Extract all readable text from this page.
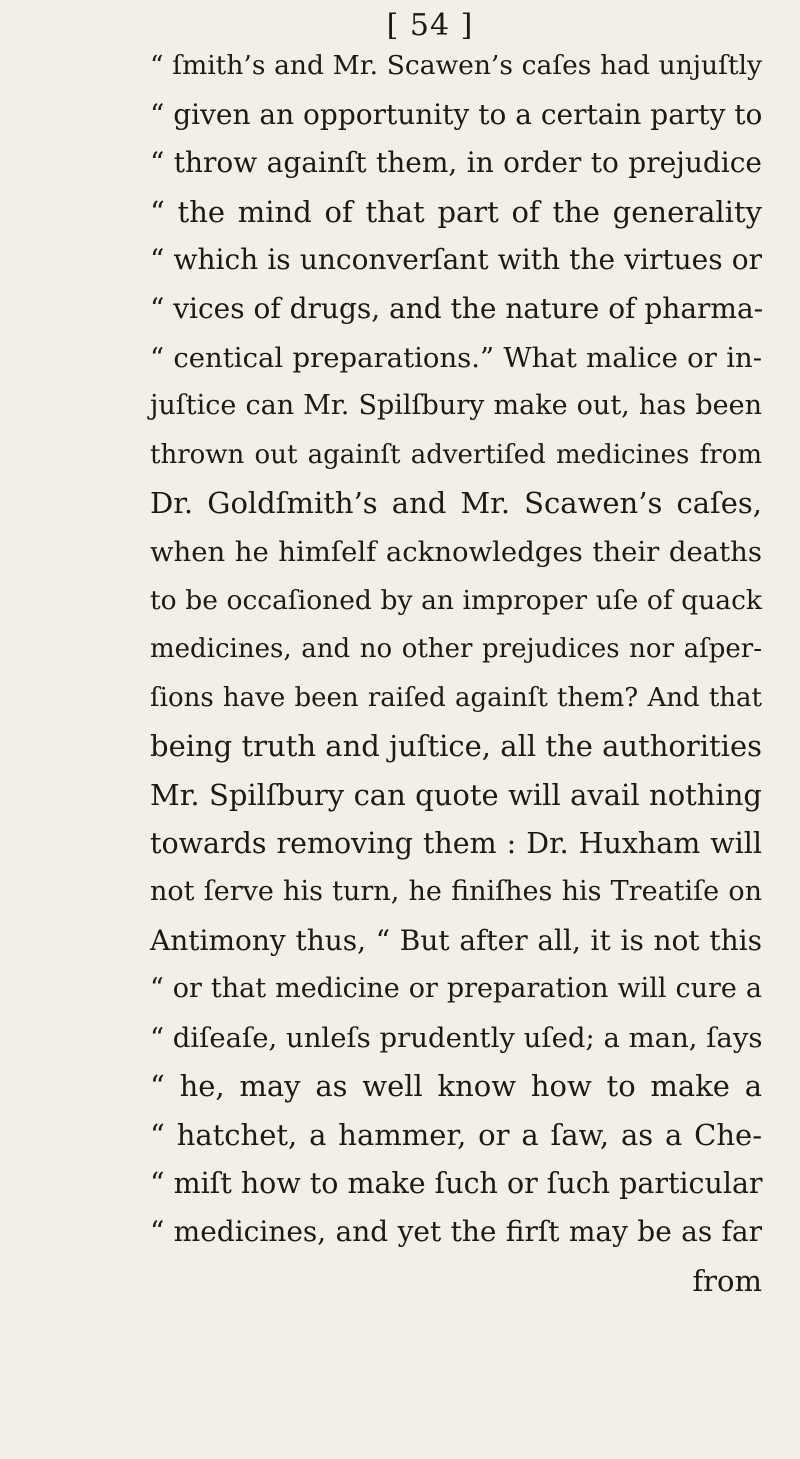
[ 54 ]
“ ſmith’s and Mr. Scawen’s caſes had unjuſtly
“ given an opportunity to a certain party to
“ throw againſt them, in order to prejudice
“ the mind of that part of the generality
“ which is unconverſant with the virtues or
“ vices of drugs, and the nature of pharma-
“ centical preparations.” What malice or in-
juſtice can Mr. Spilſbury make out, has been
thrown out againſt advertiſed medicines from
Dr. Goldſmith’s and Mr. Scawen’s caſes,
when he himſelf acknowledges their deaths
to be occaſioned by an improper uſe of quack
medicines, and no other prejudices nor aſper-
ſions have been raiſed againſt them? And that
being truth and juſtice, all the authorities
Mr. Spilſbury can quote will avail nothing
towards removing them : Dr. Huxham will
not ſerve his turn, he finiſhes his Treatiſe on
Antimony thus, “ But after all, it is not this
“ or that medicine or preparation will cure a
“ diſeaſe, unleſs prudently uſed; a man, ſays
“ he, may as well know how to make a
“ hatchet, a hammer, or a ſaw, as a Che-
“ miſt how to make ſuch or ſuch particular
“ medicines, and yet the firſt may be as far
from
